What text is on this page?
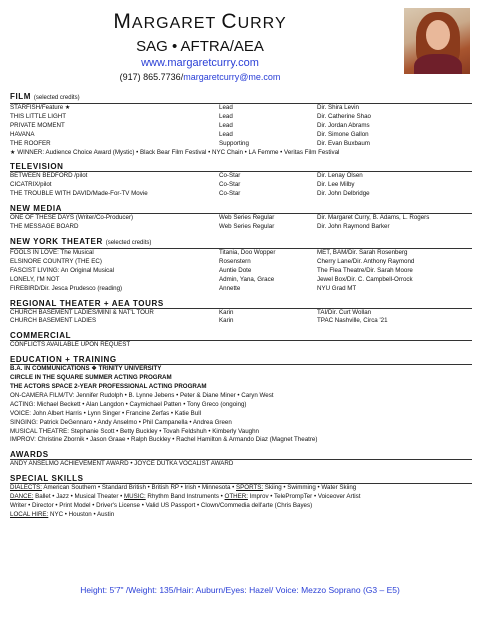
MARGARET CURRY
SAG • AFTRA/AEA
www.margaretcurry.com
(917) 865.7736/margaretcurry@me.com
FILM (selected credits)
STARFISH/Feature ★	Lead	Dir. Shira Levin
THIS LITTLE LIGHT	Lead	Dir. Catherine Shao
PRIVATE MOMENT	Lead	Dir. Jordan Abrams
HAVANA	Lead	Dir. Simone Gallon
THE ROOFER	Supporting	Dir. Evan Buxbaum
★ WINNER: Audience Choice Award (Mystic) • Black Bear Film Festival • NYC Chain • LA Femme • Veritas Film Festival
TELEVISION
BETWEEN BEDFORD /pilot	Co-Star	Dir. Lenay Olsen
CICATRIX/pilot	Co-Star	Dir. Lee Milby
THE TROUBLE WITH DAVID/Made-For-TV Movie	Co-Star	Dir. John Delbridge
NEW MEDIA
ONE OF THESE DAYS (Writer/Co-Producer)	Web Series Regular	Dir. Margaret Curry, B. Adams, L. Rogers
THE MESSAGE BOARD	Web Series Regular	Dir. John Raymond Barker
NEW YORK THEATER (selected credits)
FOOLS IN LOVE: The Musical	Titania, Doo Wopper	MET, BAM/Dir. Sarah Rosenberg
ELSINORE COUNTRY (THE EC)	Rosenstern	Cherry Lane/Dir. Anthony Raymond
FASCIST LIVING: An Original Musical	Auntie Dote	The Flea Theatre/Dir. Sarah Moore
LONELY, I'M NOT	Admin, Yana, Grace	Jewel Box/Dir. C. Campbell-Orrock
FIREBIRD/Dir. Jesca Prudesco (reading)	Annette	NYU Grad MT
REGIONAL THEATER + AEA TOURS
CHURCH BASEMENT LADIES/MINI & NAT'L TOUR	Karin	TAI/Dir. Curt Wollan
CHURCH BASEMENT LADIES	Karin	TPAC Nashville, Circa '21
COMMERCIAL
CONFLICTS AVAILABLE UPON REQUEST
EDUCATION + TRAINING
B.A. IN COMMUNICATIONS ❖ TRINITY UNIVERSITY
CIRCLE IN THE SQUARE SUMMER ACTING PROGRAM
THE ACTORS SPACE 2-YEAR PROFESSIONAL ACTING PROGRAM
ON-CAMERA FILM/TV: Jennifer Rudolph • B. Lynne Jebens • Peter & Diane Miner • Caryn West
ACTING: Michael Beckett • Alan Langdon • Caymichael Patten • Tony Greco (ongoing)
VOICE: John Albert Harris • Lynn Singer • Francine Zerfas • Katie Bull
SINGING: Patrick DeGennaro • Andy Anselmo • Phil Campanella • Andrea Green
MUSICAL THEATRE: Stephanie Scott • Betty Buckley • Tovah Feldshuh • Kimberly Vaughn
IMPROV: Christine Zbornik • Jason Graae • Ralph Buckley • Rachel Hamilton & Armando Diaz (Magnet Theatre)
AWARDS
ANDY ANSELMO ACHIEVEMENT AWARD • JOYCE DUTKA VOCALIST AWARD
SPECIAL SKILLS
DIALECTS: American Southern • Standard British • British RP • Irish • Minnesota • SPORTS: Skiing • Swimming • Water Skiing
DANCE: Ballet • Jazz • Musical Theater • MUSIC: Rhythm Band Instruments • OTHER: Improv • TelePrompTer • Voiceover Artist
Writer • Director • Print Model • Driver's License • Valid US Passport • Clown/Commedia dell'arte (Chris Bayes)
LOCAL HIRE: NYC • Houston • Austin
Height: 5'7" /Weight: 135/Hair: Auburn/Eyes: Hazel/ Voice: Mezzo Soprano (G3 – E5)
